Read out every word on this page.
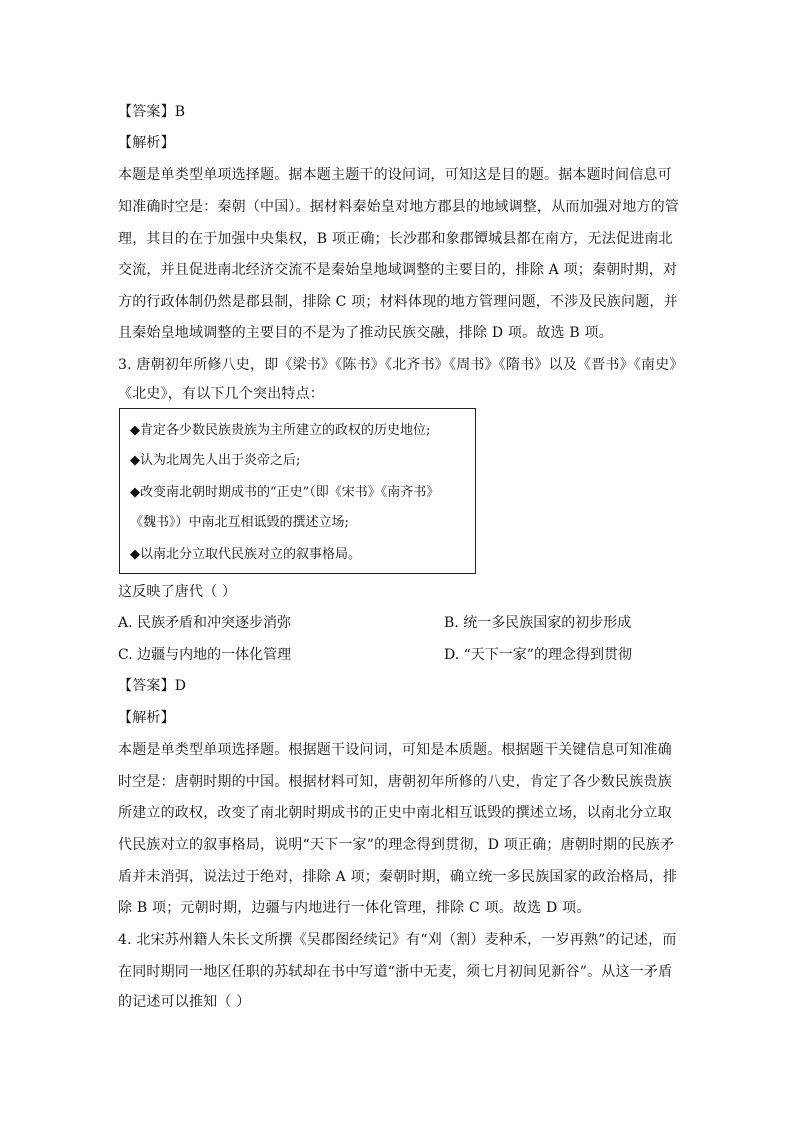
【答案】B
【解析】
本题是单类型单项选择题。据本题主题干的设问词，可知这是目的题。据本题时间信息可
知准确时空是：秦朝（中国）。据材料秦始皇对地方郡县的地域调整，从而加强对地方的管
理，其目的在于加强中央集权，B 项正确；长沙郡和象郡镡城县都在南方，无法促进南北
交流，并且促进南北经济交流不是秦始皇地域调整的主要目的，排除 A 项；秦朝时期，对
方的行政体制仍然是郡县制，排除 C 项；材料体现的地方管理问题，不涉及民族问题，并
且秦始皇地域调整的主要目的不是为了推动民族交融，排除 D 项。故选 B 项。
3. 唐朝初年所修八史，即《梁书》《陈书》《北齐书》《周书》《隋书》以及《晋书》《南史》
《北史》，有以下几个突出特点：
◆肯定各少数民族贵族为主所建立的政权的历史地位;
◆认为北周先人出于炎帝之后;
◆改变南北朝时期成书的“正史”（即《宋书》《南齐书》
《魏书》）中南北互相诋毁的撰述立场;
◆以南北分立取代民族对立的叙事格局。
这反映了唐代（ ）
A. 民族矛盾和冲突逐步消弥	B. 统一多民族国家的初步形成
C. 边疆与内地的一体化管理	D. “天下一家”的理念得到贯彻
【答案】D
【解析】
本题是单类型单项选择题。根据题干设问词，可知是本质题。根据题干关键信息可知准确
时空是：唐朝时期的中国。根据材料可知，唐朝初年所修的八史，肯定了各少数民族贵族
所建立的政权，改变了南北朝时期成书的正史中南北相互诋毁的撰述立场，以南北分立取
代民族对立的叙事格局，说明“天下一家”的理念得到贯彻，D 项正确；唐朝时期的民族矛
盾并未消弭，说法过于绝对，排除 A 项；秦朝时期，确立统一多民族国家的政治格局，排
除 B 项；元朝时期，边疆与内地进行一体化管理，排除 C 项。故选 D 项。
4. 北宋苏州籍人朱长文所撰《吴郡图经续记》有“刈（割）麦种禾，一岁再熟”的记述，而
在同时期同一地区任职的苏轼却在书中写道“浙中无麦，须七月初间见新谷”。从这一矛盾
的记述可以推知（ ）
